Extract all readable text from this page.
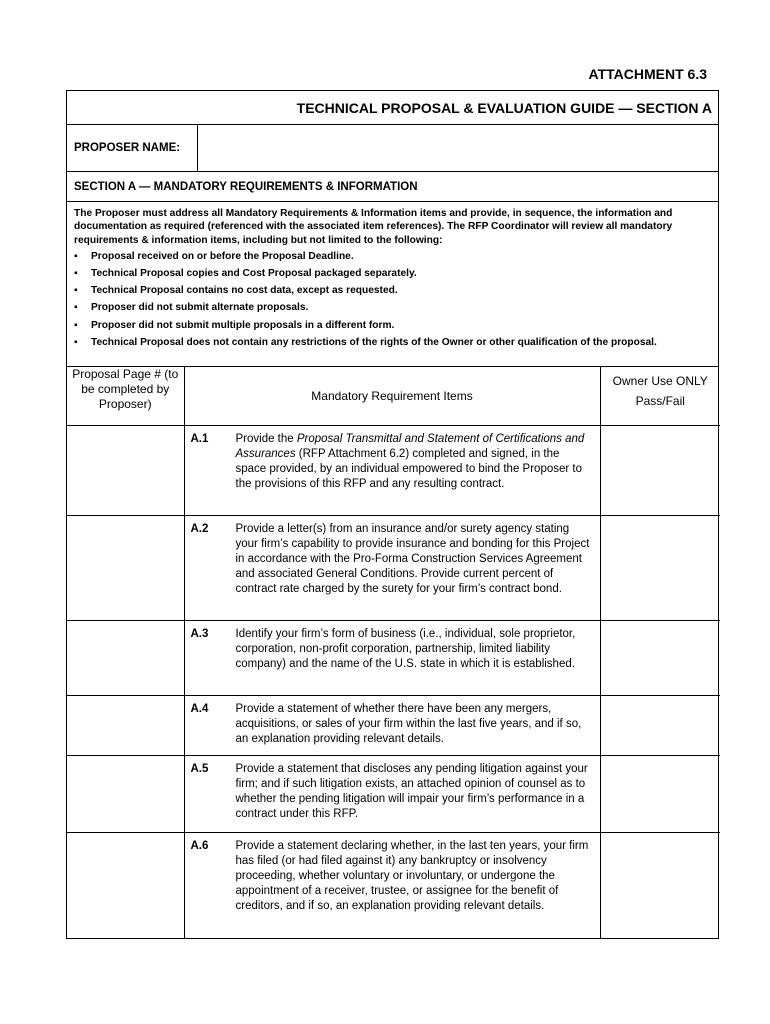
ATTACHMENT 6.3
TECHNICAL PROPOSAL & EVALUATION GUIDE — SECTION A
PROPOSER NAME:
SECTION A — MANDATORY REQUIREMENTS & INFORMATION

The Proposer must address all Mandatory Requirements & Information items and provide, in sequence, the information and documentation as required (referenced with the associated item references). The RFP Coordinator will review all mandatory requirements & information items, including but not limited to the following:

▪ Proposal received on or before the Proposal Deadline.
▪ Technical Proposal copies and Cost Proposal packaged separately.
▪ Technical Proposal contains no cost data, except as requested.
▪ Proposer did not submit alternate proposals.
▪ Proposer did not submit multiple proposals in a different form.
▪ Technical Proposal does not contain any restrictions of the rights of the Owner or other qualification of the proposal.
Proposal Page # (to be completed by Proposer)	Mandatory Requirement Items	Owner Use ONLY
Pass/Fail

	A.1 Provide the Proposal Transmittal and Statement of Certifications and Assurances (RFP Attachment 6.2) completed and signed, in the space provided, by an individual empowered to bind the Proposer to the provisions of this RFP and any resulting contract.	

	A.2 Provide a letter(s) from an insurance and/or surety agency stating your firm’s capability to provide insurance and bonding for this Project in accordance with the Pro-Forma Construction Services Agreement and associated General Conditions. Provide current percent of contract rate charged by the surety for your firm’s contract bond.	

	A.3 Identify your firm’s form of business (i.e., individual, sole proprietor, corporation, non-profit corporation, partnership, limited liability company) and the name of the U.S. state in which it is established.	

	A.4 Provide a statement of whether there have been any mergers, acquisitions, or sales of your firm within the last five years, and if so, an explanation providing relevant details.	

	A.5 Provide a statement that discloses any pending litigation against your firm; and if such litigation exists, an attached opinion of counsel as to whether the pending litigation will impair your firm’s performance in a contract under this RFP.	

	A.6 Provide a statement declaring whether, in the last ten years, your firm has filed (or had filed against it) any bankruptcy or insolvency proceeding, whether voluntary or involuntary, or undergone the appointment of a receiver, trustee, or assignee for the benefit of creditors, and if so, an explanation providing relevant details.	
